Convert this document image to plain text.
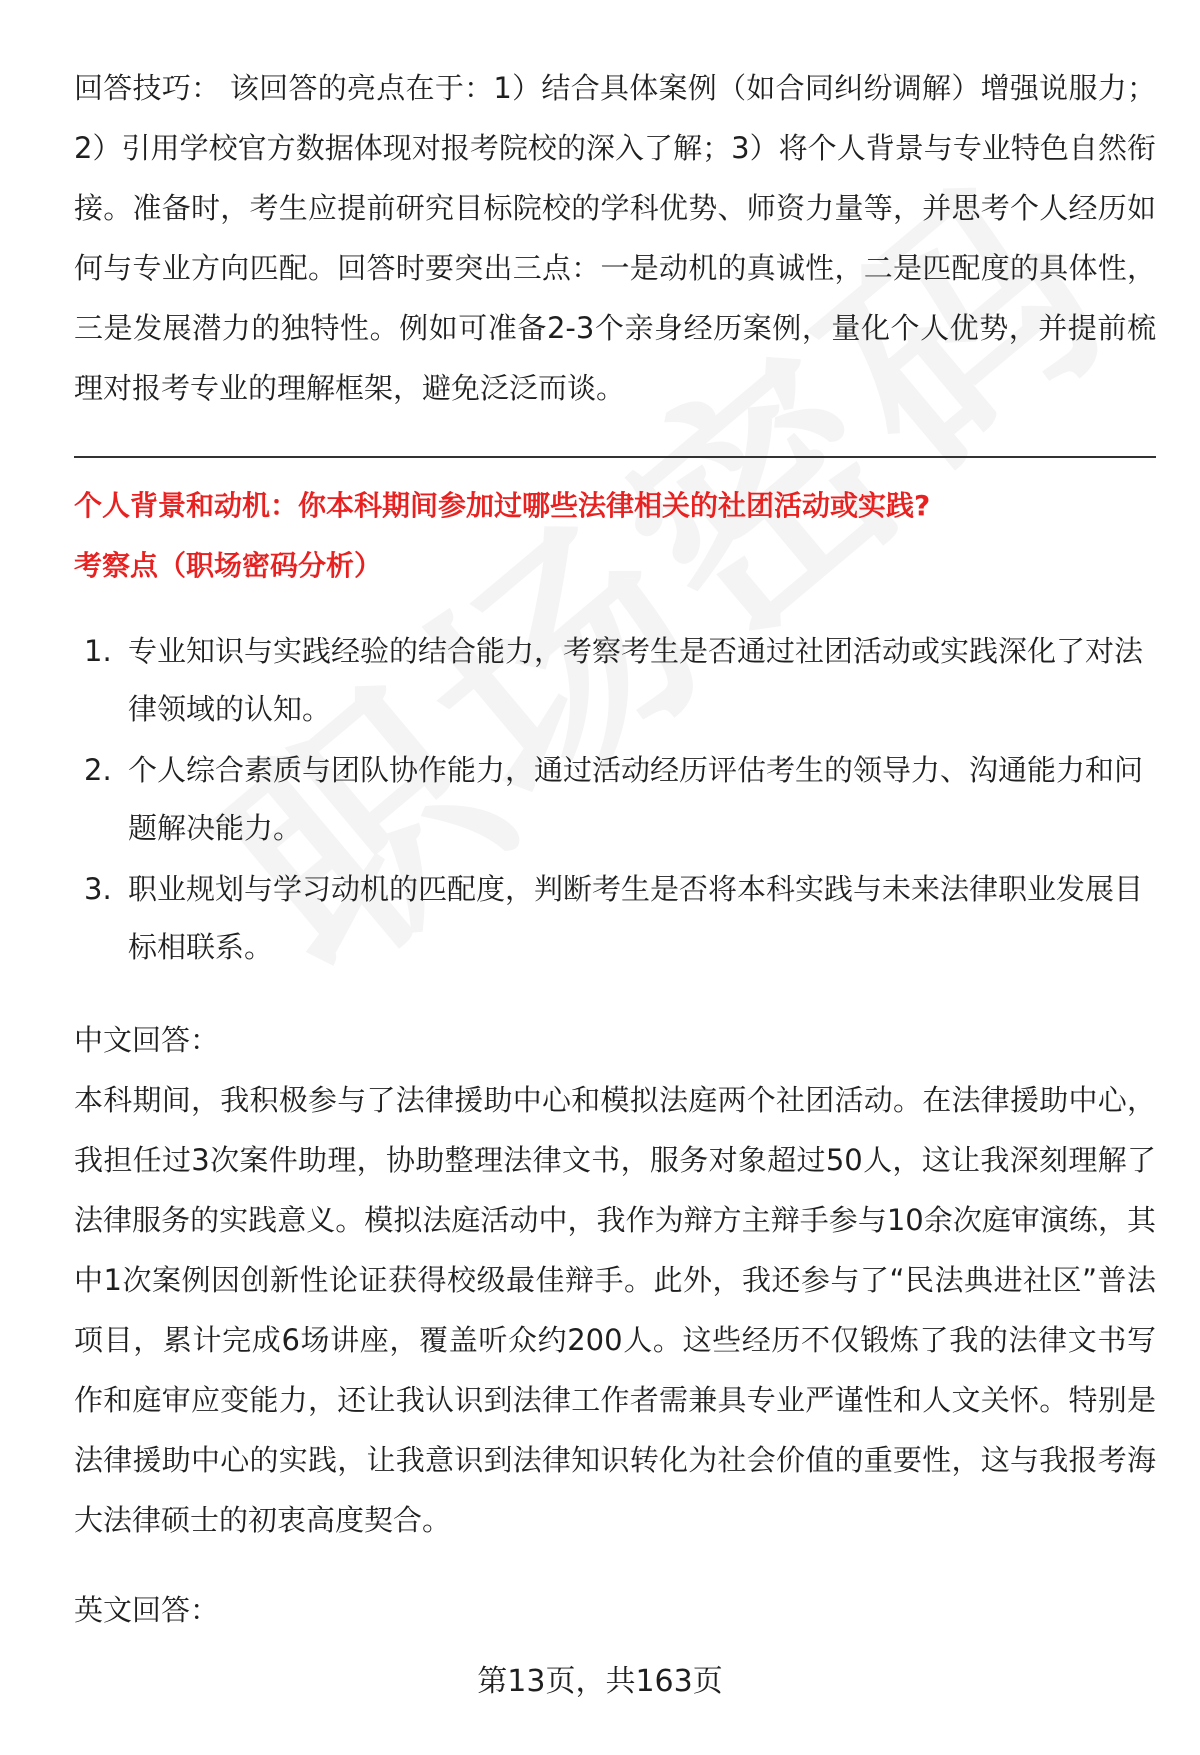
回答技巧： 该回答的亮点在于：1）结合具体案例（如合同纠纷调解）增强说服力；2）引用学校官方数据体现对报考院校的深入了解；3）将个人背景与专业特色自然衔接。准备时，考生应提前研究目标院校的学科优势、师资力量等，并思考个人经历如何与专业方向匹配。回答时要突出三点：一是动机的真诚性，二是匹配度的具体性，三是发展潜力的独特性。例如可准备2-3个亲身经历案例，量化个人优势，并提前梳理对报考专业的理解框架，避免泛泛而谈。

个人背景和动机：你本科期间参加过哪些法律相关的社团活动或实践?
考察点（职场密码分析）
1. 专业知识与实践经验的结合能力，考察考生是否通过社团活动或实践深化了对法律领域的认知。
2. 个人综合素质与团队协作能力，通过活动经历评估考生的领导力、沟通能力和问题解决能力。
3. 职业规划与学习动机的匹配度，判断考生是否将本科实践与未来法律职业发展目标相联系。

中文回答：

本科期间，我积极参与了法律援助中心和模拟法庭两个社团活动。在法律援助中心，我担任过3次案件助理，协助整理法律文书，服务对象超过50人，这让我深刻理解了法律服务的实践意义。模拟法庭活动中，我作为辩方主辩手参与10余次庭审演练，其中1次案例因创新性论证获得校级最佳辩手。此外，我还参与了“民法典进社区”普法项目，累计完成6场讲座，覆盖听众约200人。这些经历不仅锻炼了我的法律文书写作和庭审应变能力，还让我认识到法律工作者需兼具专业严谨性和人文关怀。特别是法律援助中心的实践，让我意识到法律知识转化为社会价值的重要性，这与我报考海大法律硕士的初衷高度契合。

英文回答：

第13页，共163页
